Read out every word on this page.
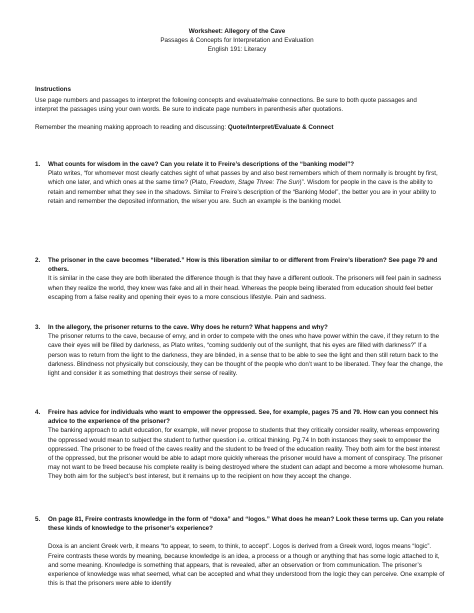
Worksheet: Allegory of the Cave
Passages & Concepts for Interpretation and Evaluation
English 191: Literacy
Instructions
Use page numbers and passages to interpret the following concepts and evaluate/make connections. Be sure to both quote passages and interpret the passages using your own words. Be sure to indicate page numbers in parenthesis after quotations.
Remember the meaning making approach to reading and discussing: Quote/Interpret/Evaluate & Connect
1. What counts for wisdom in the cave? Can you relate it to Freire’s descriptions of the “banking model”?
Plato writes, “for whomever most clearly catches sight of what passes by and also best remembers which of them normally is brought by first, which one later, and which ones at the same time? (Plato, Freedom, Stage Three: The Sun)”. Wisdom for people in the cave is the ability to retain and remember what they see in the shadows. Similar to Freire’s description of the “Banking Model”, the better you are in your ability to retain and remember the deposited information, the wiser you are. Such an example is the banking model.
2. The prisoner in the cave becomes “liberated.” How is this liberation similar to or different from Freire’s liberation? See page 79 and others.
It is similar in the case they are both liberated the difference though is that they have a different outlook. The prisoners will feel pain in sadness when they realize the world, they knew was fake and all in their head. Whereas the people being liberated from education should feel better escaping from a false reality and opening their eyes to a more conscious lifestyle. Pain and sadness.
3. In the allegory, the prisoner returns to the cave. Why does he return? What happens and why?
The prisoner returns to the cave, because of envy, and in order to compete with the ones who have power within the cave, if they return to the cave their eyes will be filled by darkness, as Plato writes, “coming suddenly out of the sunlight, that his eyes are filled with darkness?” If a person was to return from the light to the darkness, they are blinded, in a sense that to be able to see the light and then still return back to the darkness. Blindness not physically but consciously, they can be thought of the people who don’t want to be liberated. They fear the change, the light and consider it as something that destroys their sense of reality.
4. Freire has advice for individuals who want to empower the oppressed. See, for example, pages 75 and 79. How can you connect his advice to the experience of the prisoner?
The banking approach to adult education, for example, will never propose to students that they critically consider reality, whereas empowering the oppressed would mean to subject the student to further question i.e. critical thinking. Pg.74 In both instances they seek to empower the oppressed. The prisoner to be freed of the caves reality and the student to be freed of the education reality. They both aim for the best interest of the oppressed, but the prisoner would be able to adapt more quickly whereas the prisoner would have a moment of conspiracy. The prisoner may not want to be freed because his complete reality is being destroyed where the student can adapt and become a more wholesome human. They both aim for the subject’s best interest, but it remains up to the recipient on how they accept the change.
5. On page 81, Freire contrasts knowledge in the form of “doxa” and “logos.” What does he mean? Look these terms up. Can you relate these kinds of knowledge to the prisoner’s experience?
Doxa is an ancient Greek verb, it means “to appear, to seem, to think, to accept”. Logos is derived from a Greek word, logos means “logic”. Freire contrasts these words by meaning, because knowledge is an idea, a process or a though or anything that has some logic attached to it, and some meaning. Knowledge is something that appears, that is revealed, after an observation or from communication. The prisoner’s experience of knowledge was what seemed, what can be accepted and what they understood from the logic they can perceive. One example of this is that the prisoners were able to identify
